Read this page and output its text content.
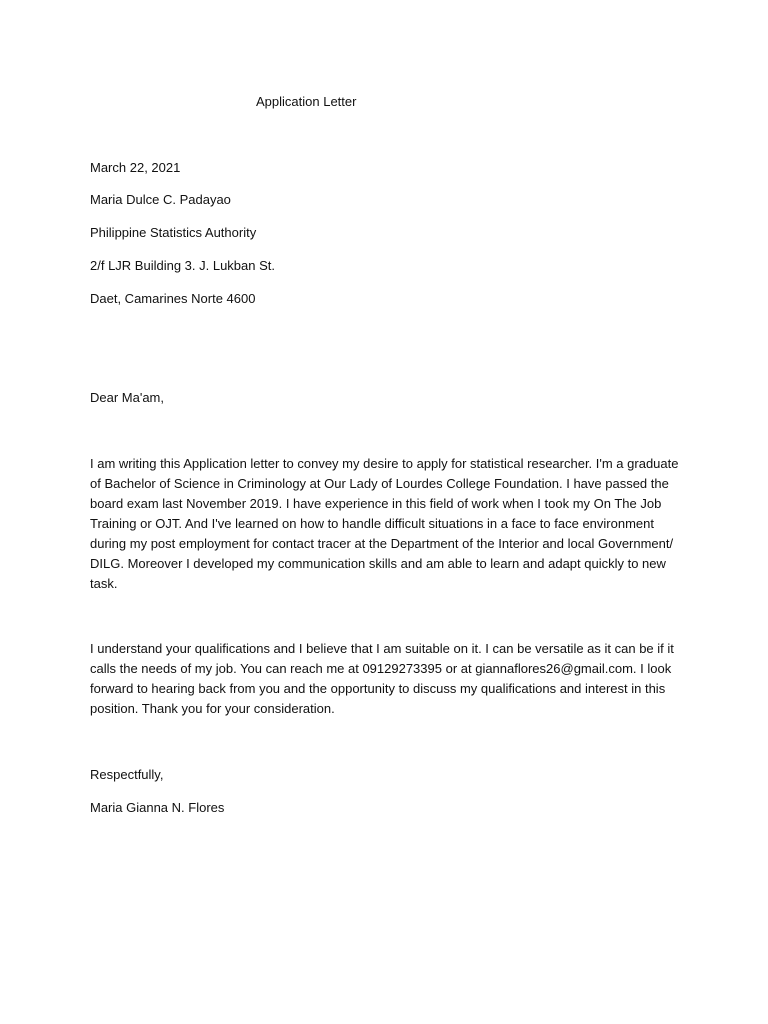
Application Letter
March 22, 2021
Maria Dulce C. Padayao
Philippine Statistics Authority
2/f LJR Building 3. J. Lukban St.
Daet, Camarines Norte 4600
Dear Ma'am,
I am writing this Application letter to convey my desire to apply for statistical researcher. I'm a graduate
of Bachelor of Science in Criminology at Our Lady of Lourdes College Foundation. I have passed the
board exam last November 2019. I have experience in this field of work when I took my On The Job
Training or OJT. And I've learned on how to handle difficult situations in a face to face environment
during my post employment for contact tracer at the Department of the Interior and local Government/
DILG. Moreover I developed my communication skills and am able to learn and adapt quickly to new
task.
I understand your qualifications and I believe that I am suitable on it. I can be versatile as it can be if it
calls the needs of my job. You can reach me at 09129273395 or at giannaflores26@gmail.com. I look
forward to hearing back from you and the opportunity to discuss my qualifications and interest in this
position. Thank you for your consideration.
Respectfully,
Maria Gianna N. Flores
